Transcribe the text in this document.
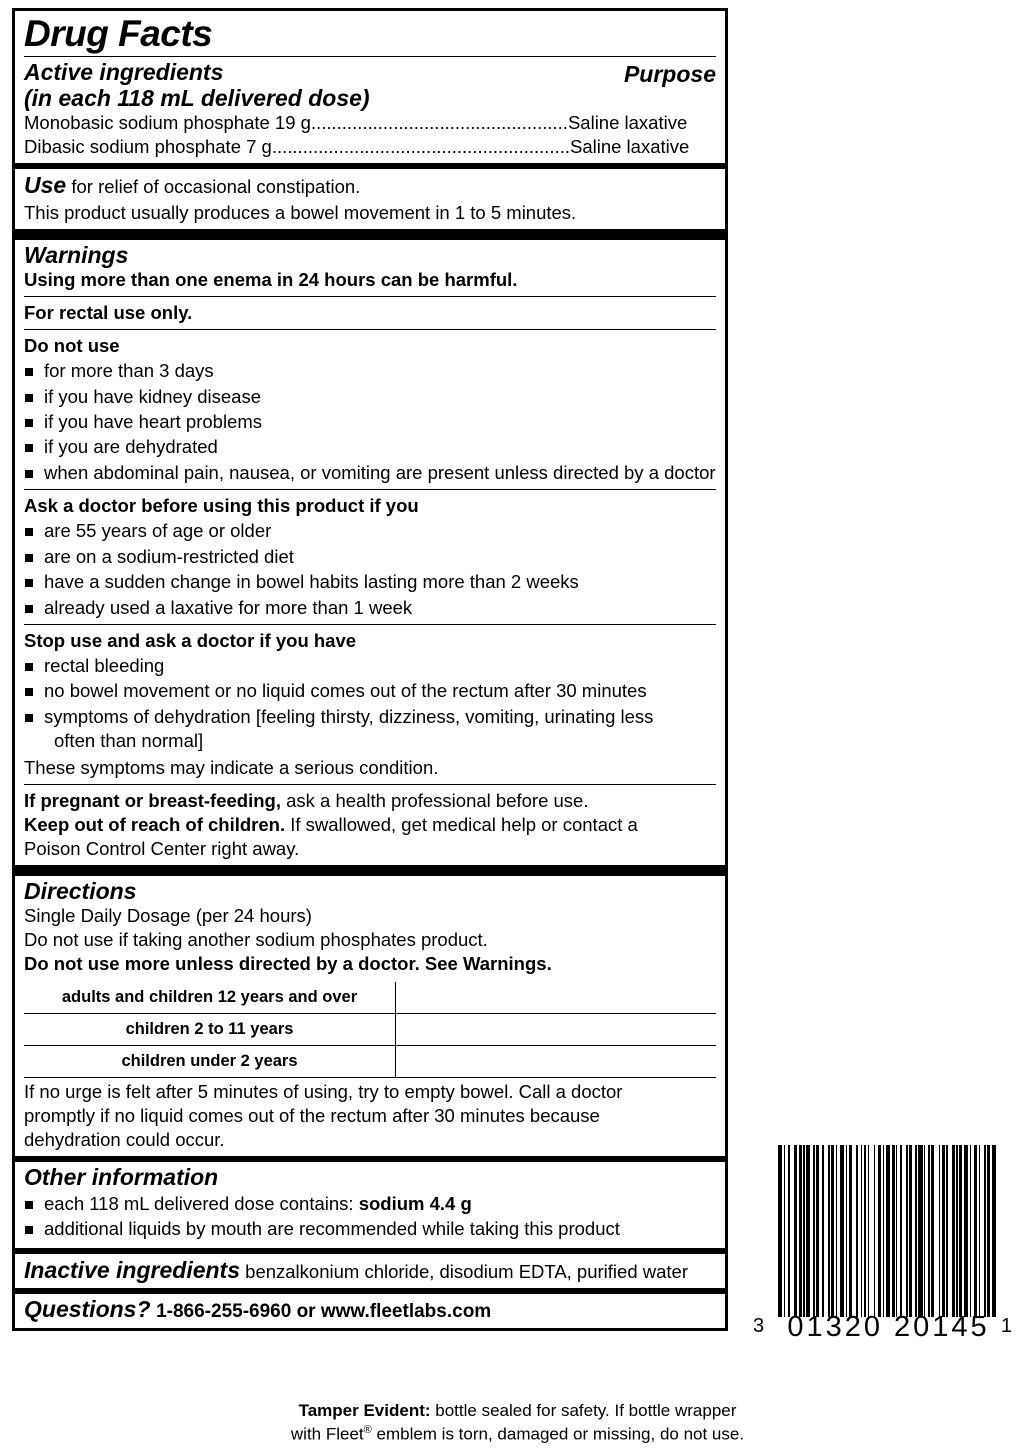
Drug Facts
Active ingredients
(in each 118 mL delivered dose)
Purpose
Monobasic sodium phosphate 19 g..................................................Saline laxative
Dibasic sodium phosphate 7 g..........................................................Saline laxative
Use for relief of occasional constipation.
This product usually produces a bowel movement in 1 to 5 minutes.
Warnings
Using more than one enema in 24 hours can be harmful.
For rectal use only.
Do not use
for more than 3 days
if you have kidney disease
if you have heart problems
if you are dehydrated
when abdominal pain, nausea, or vomiting are present unless directed by a doctor
Ask a doctor before using this product if you
are 55 years of age or older
are on a sodium-restricted diet
have a sudden change in bowel habits lasting more than 2 weeks
already used a laxative for more than 1 week
Stop use and ask a doctor if you have
rectal bleeding
no bowel movement or no liquid comes out of the rectum after 30 minutes
symptoms of dehydration [feeling thirsty, dizziness, vomiting, urinating less
often than normal]
These symptoms may indicate a serious condition.
If pregnant or breast-feeding, ask a health professional before use.
Keep out of reach of children. If swallowed, get medical help or contact a
Poison Control Center right away.
Directions
Single Daily Dosage (per 24 hours)
Do not use if taking another sodium phosphates product.
Do not use more unless directed by a doctor. See Warnings.
adults and children 12 years and over	
children 2 to 11 years	
children under 2 years	
If no urge is felt after 5 minutes of using, try to empty bowel. Call a doctor
promptly if no liquid comes out of the rectum after 30 minutes because
dehydration could occur.
Other information
each 118 mL delivered dose contains: sodium 4.4 g
additional liquids by mouth are recommended while taking this product
Inactive ingredients benzalkonium chloride, disodium EDTA, purified water
Questions? 1-866-255-6960 or www.fleetlabs.com
3 01320 20145 1
Tamper Evident: bottle sealed for safety. If bottle wrapper
with Fleet® emblem is torn, damaged or missing, do not use.
